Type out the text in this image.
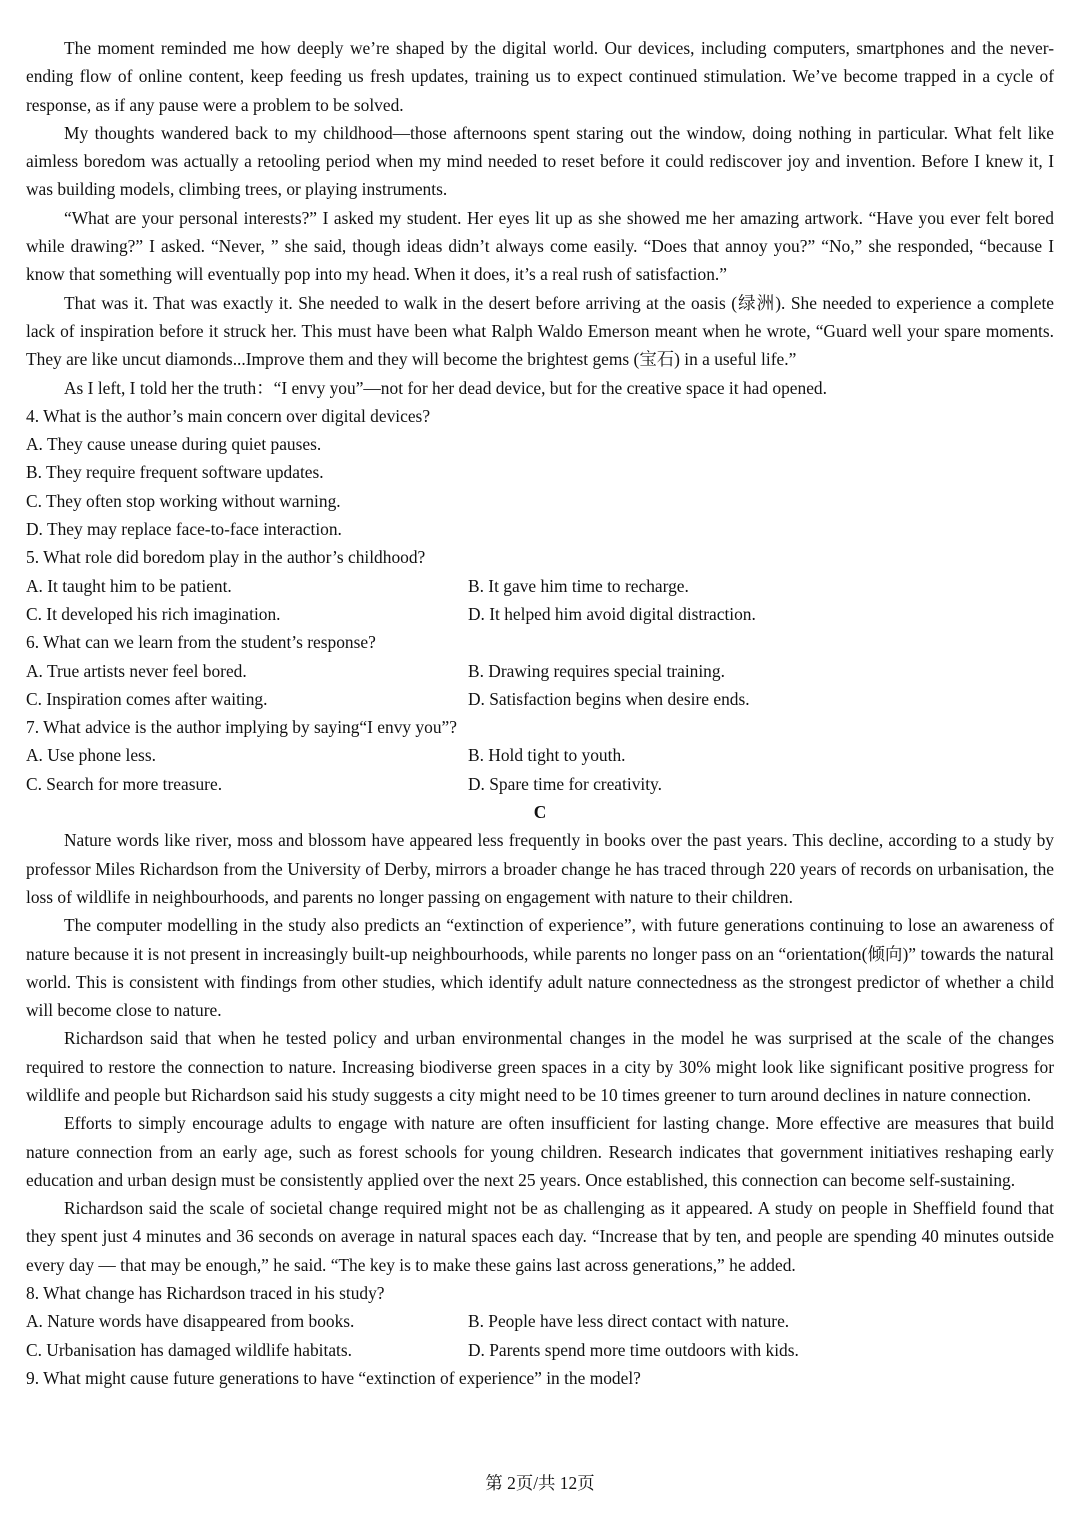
The moment reminded me how deeply we’re shaped by the digital world. Our devices, including computers, smartphones and the never-ending flow of online content, keep feeding us fresh updates, training us to expect continued stimulation. We’ve become trapped in a cycle of response, as if any pause were a problem to be solved.

My thoughts wandered back to my childhood—those afternoons spent staring out the window, doing nothing in particular. What felt like aimless boredom was actually a retooling period when my mind needed to reset before it could rediscover joy and invention. Before I knew it, I was building models, climbing trees, or playing instruments.

“What are your personal interests?” I asked my student. Her eyes lit up as she showed me her amazing artwork. “Have you ever felt bored while drawing?” I asked. “Never, ” she said, though ideas didn’t always come easily. “Does that annoy you?” “No,” she responded, “because I know that something will eventually pop into my head. When it does, it’s a real rush of satisfaction.”

That was it. That was exactly it. She needed to walk in the desert before arriving at the oasis (绿洲). She needed to experience a complete lack of inspiration before it struck her. This must have been what Ralph Waldo Emerson meant when he wrote, “Guard well your spare moments. They are like uncut diamonds...Improve them and they will become the brightest gems (宝石) in a useful life.”

As I left, I told her the truth：“I envy you”—not for her dead device, but for the creative space it had opened.

4. What is the author’s main concern over digital devices?

A. They cause unease during quiet pauses.

B. They require frequent software updates.

C. They often stop working without warning.

D. They may replace face-to-face interaction.

5. What role did boredom play in the author’s childhood?

A. It taught him to be patient.	B. It gave him time to recharge.
C. It developed his rich imagination.	D. It helped him avoid digital distraction.

6. What can we learn from the student’s response?

A. True artists never feel bored.	B. Drawing requires special training.
C. Inspiration comes after waiting.	D. Satisfaction begins when desire ends.

7. What advice is the author implying by saying“I envy you”?

A. Use phone less.	B. Hold tight to youth.
C. Search for more treasure.	D. Spare time for creativity.

C

Nature words like river, moss and blossom have appeared less frequently in books over the past years. This decline, according to a study by professor Miles Richardson from the University of Derby, mirrors a broader change he has traced through 220 years of records on urbanisation, the loss of wildlife in neighbourhoods, and parents no longer passing on engagement with nature to their children.

The computer modelling in the study also predicts an “extinction of experience”, with future generations continuing to lose an awareness of nature because it is not present in increasingly built-up neighbourhoods, while parents no longer pass on an “orientation(倾向)” towards the natural world. This is consistent with findings from other studies, which identify adult nature connectedness as the strongest predictor of whether a child will become close to nature.

Richardson said that when he tested policy and urban environmental changes in the model he was surprised at the scale of the changes required to restore the connection to nature. Increasing biodiverse green spaces in a city by 30% might look like significant positive progress for wildlife and people but Richardson said his study suggests a city might need to be 10 times greener to turn around declines in nature connection.

Efforts to simply encourage adults to engage with nature are often insufficient for lasting change. More effective are measures that build nature connection from an early age, such as forest schools for young children. Research indicates that government initiatives reshaping early education and urban design must be consistently applied over the next 25 years. Once established, this connection can become self-sustaining.

Richardson said the scale of societal change required might not be as challenging as it appeared. A study on people in Sheffield found that they spent just 4 minutes and 36 seconds on average in natural spaces each day. “Increase that by ten, and people are spending 40 minutes outside every day — that may be enough,” he said. “The key is to make these gains last across generations,” he added.

8. What change has Richardson traced in his study?

A. Nature words have disappeared from books.	B. People have less direct contact with nature.
C. Urbanisation has damaged wildlife habitats.	D. Parents spend more time outdoors with kids.

9. What might cause future generations to have “extinction of experience” in the model?

第 2页/共 12页
